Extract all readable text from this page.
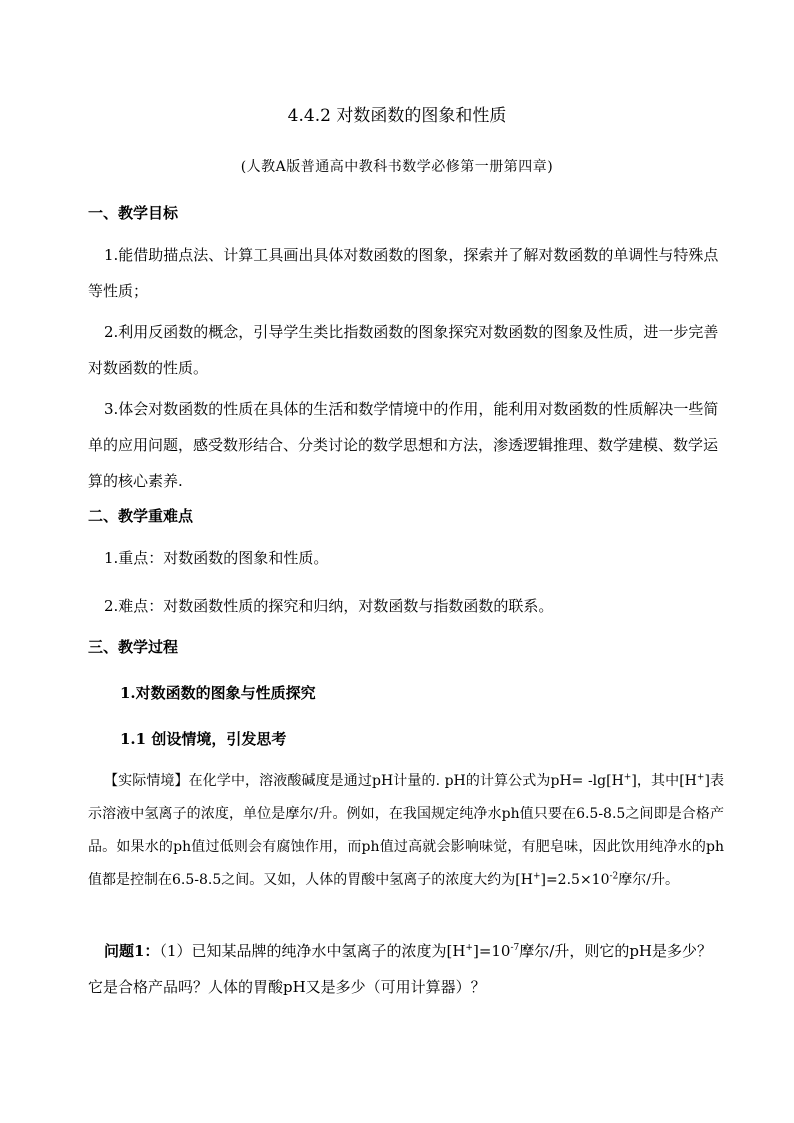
4.4.2 对数函数的图象和性质
(人教A版普通高中教科书数学必修第一册第四章)
一、教学目标

1.能借助描点法、计算工具画出具体对数函数的图象，探索并了解对数函数的单调性与特殊点等性质；

2.利用反函数的概念，引导学生类比指数函数的图象探究对数函数的图象及性质，进一步完善对数函数的性质。

3.体会对数函数的性质在具体的生活和数学情境中的作用，能利用对数函数的性质解决一些简单的应用问题，感受数形结合、分类讨论的数学思想和方法，渗透逻辑推理、数学建模、数学运算的核心素养.

二、教学重难点

1.重点：对数函数的图象和性质。

2.难点：对数函数性质的探究和归纳，对数函数与指数函数的联系。

三、教学过程
1.对数函数的图象与性质探究
1.1 创设情境，引发思考

【实际情境】在化学中，溶液酸碱度是通过pH计量的. pH的计算公式为pH= -lg[H+]，其中[H+]表示溶液中氢离子的浓度，单位是摩尔/升。例如，在我国规定纯净水ph值只要在6.5-8.5之间即是合格产品。如果水的ph值过低则会有腐蚀作用，而ph值过高就会影响味觉，有肥皂味，因此饮用纯净水的ph值都是控制在6.5-8.5之间。又如，人体的胃酸中氢离子的浓度大约为$[H^+]=2.5\times 10^{-2}$摩尔/升。

问题1：（1）已知某品牌的纯净水中氢离子的浓度为$[H^+]=10^{-7}$摩尔/升，则它的pH是多少？它是合格产品吗？人体的胃酸pH又是多少（可用计算器）？
